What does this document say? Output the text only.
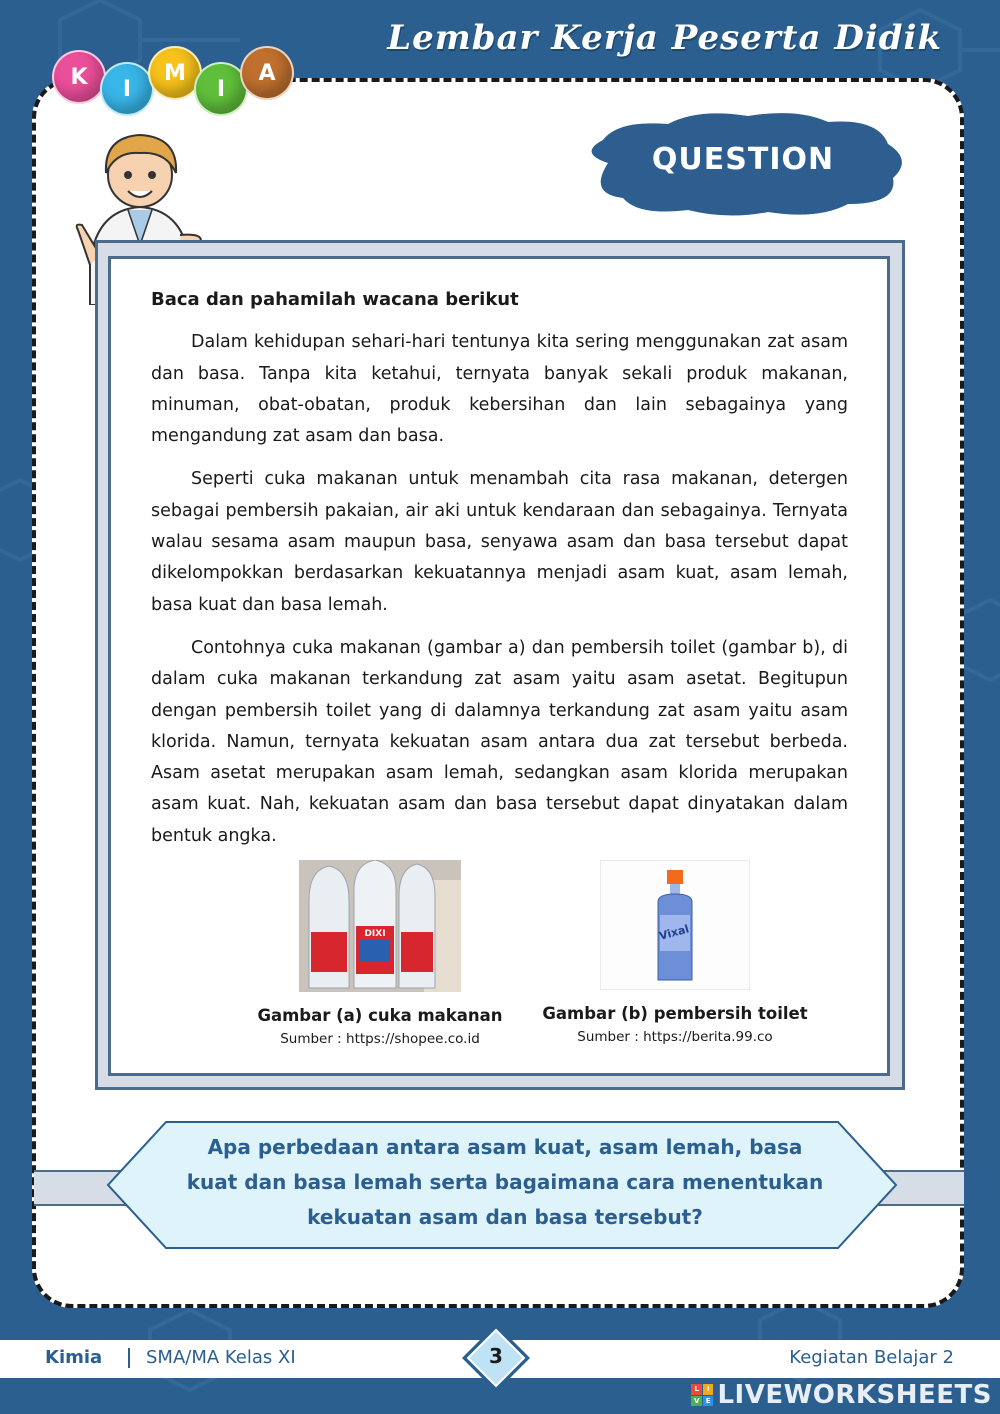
Lembar Kerja Peserta Didik
K	I
M
I
A
QUESTION

Baca dan pahamilah wacana berikut

Dalam kehidupan sehari-hari tentunya kita sering menggunakan zat asam dan basa. Tanpa kita ketahui, ternyata banyak sekali produk makanan, minuman, obat-obatan, produk kebersihan dan lain sebagainya yang mengandung zat asam dan basa.

Seperti cuka makanan untuk menambah cita rasa makanan, detergen sebagai pembersih pakaian, air aki untuk kendaraan dan sebagainya. Ternyata walau sesama asam maupun basa, senyawa asam dan basa tersebut dapat dikelompokkan berdasarkan kekuatannya menjadi asam kuat, asam lemah, basa kuat dan basa lemah.

Contohnya cuka makanan (gambar a) dan pembersih toilet (gambar b), di dalam cuka makanan terkandung zat asam yaitu asam asetat. Begitupun dengan pembersih toilet yang di dalamnya terkandung zat asam yaitu asam klorida. Namun, ternyata kekuatan asam antara dua zat tersebut berbeda. Asam asetat merupakan asam lemah, sedangkan asam klorida merupakan asam kuat. Nah, kekuatan asam dan basa tersebut dapat dinyatakan dalam bentuk angka.

DIXI
Gambar (a) cuka makanan
Sumber : https://shopee.co.id
Vixal
Gambar (b) pembersih toilet
Sumber : https://berita.99.co
Apa perbedaan antara asam kuat, asam lemah, basa kuat dan basa lemah serta bagaimana cara menentukan kekuatan asam dan basa tersebut?
Kimia SMA/MA Kelas XI	3	Kegiatan Belajar 2
L	I
V E LIVEWORKSHEETS
